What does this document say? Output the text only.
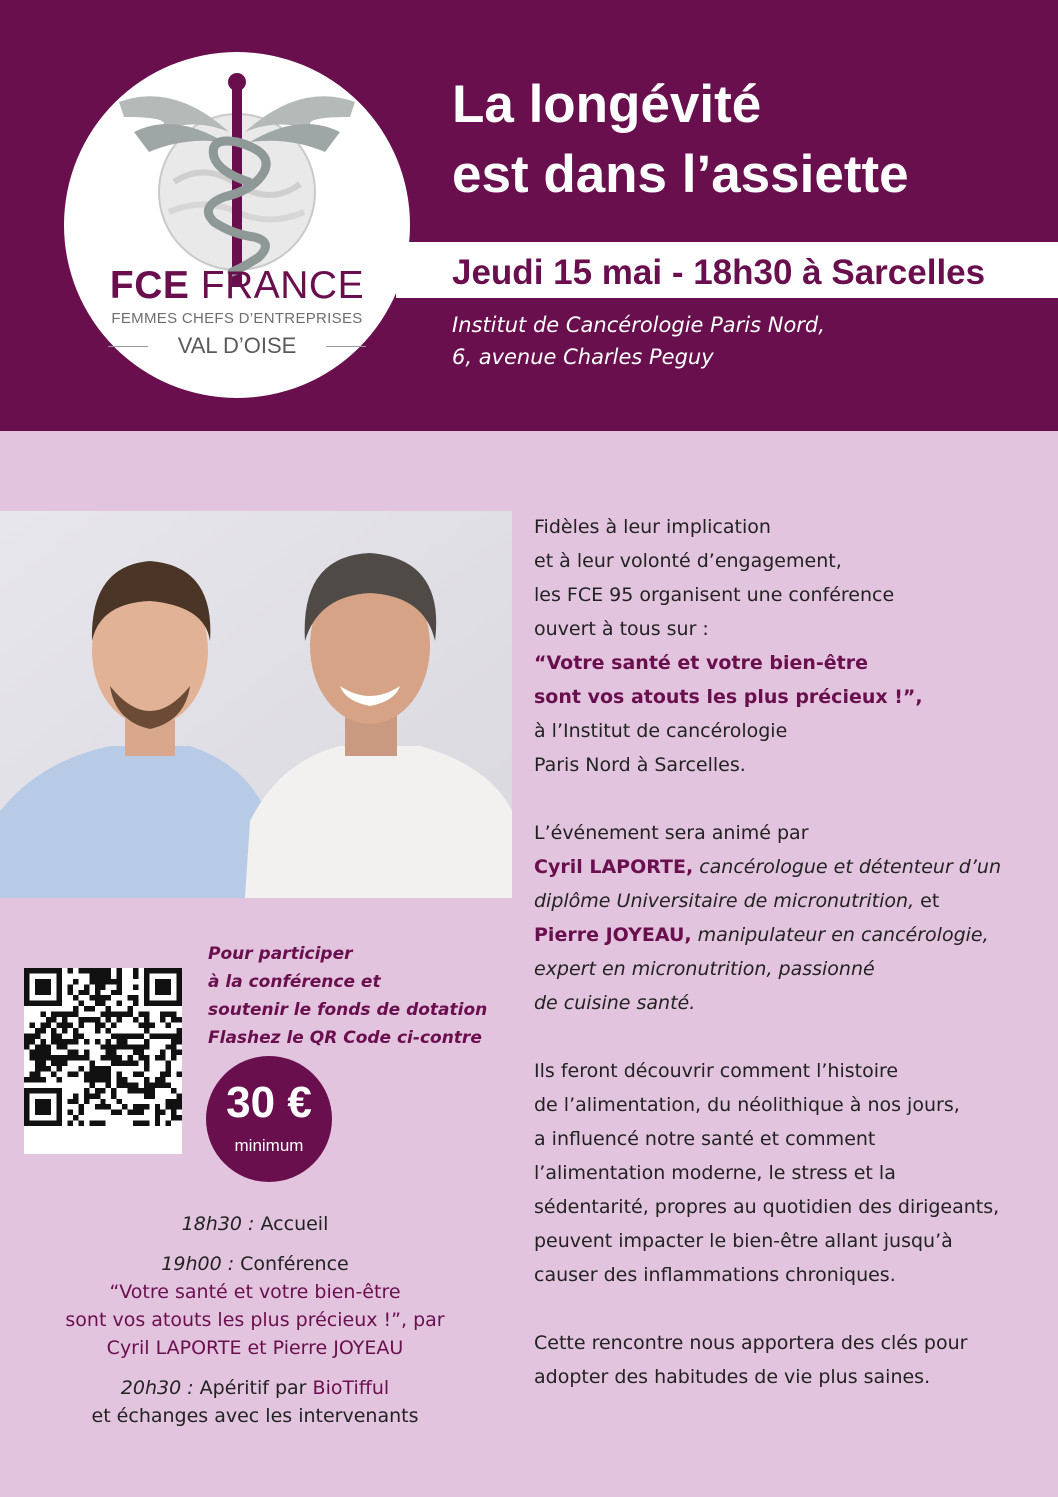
FCE FRANCE
FEMMES CHEFS D’ENTREPRISES
VAL D’OISE
La longévité
est dans l’assiette
Jeudi 15 mai - 18h30 à Sarcelles
Institut de Cancérologie Paris Nord,
6, avenue Charles Peguy
Fidèles à leur implication
et à leur volonté d’engagement,
les FCE 95 organisent une conférence
ouvert à tous sur :
“Votre santé et votre bien-être
sont vos atouts les plus précieux !”,
à l’Institut de cancérologie
Paris Nord à Sarcelles.
L’événement sera animé par
Cyril LAPORTE, cancérologue et détenteur d’un
diplôme Universitaire de micronutrition, et
Pierre JOYEAU, manipulateur en cancérologie,
expert en micronutrition, passionné
de cuisine santé.
Ils feront découvrir comment l’histoire
de l’alimentation, du néolithique à nos jours,
a influencé notre santé et comment
l’alimentation moderne, le stress et la
sédentarité, propres au quotidien des dirigeants,
peuvent impacter le bien-être allant jusqu’à
causer des inflammations chroniques.
Cette rencontre nous apportera des clés pour
adopter des habitudes de vie plus saines.
Pour participer
à la conférence et
soutenir le fonds de dotation
Flashez le QR Code ci-contre
30 €
minimum
18h30 : Accueil
19h00 : Conférence
“Votre santé et votre bien-être
sont vos atouts les plus précieux !”, par
Cyril LAPORTE et Pierre JOYEAU
20h30 : Apéritif par BioTifful
et échanges avec les intervenants
